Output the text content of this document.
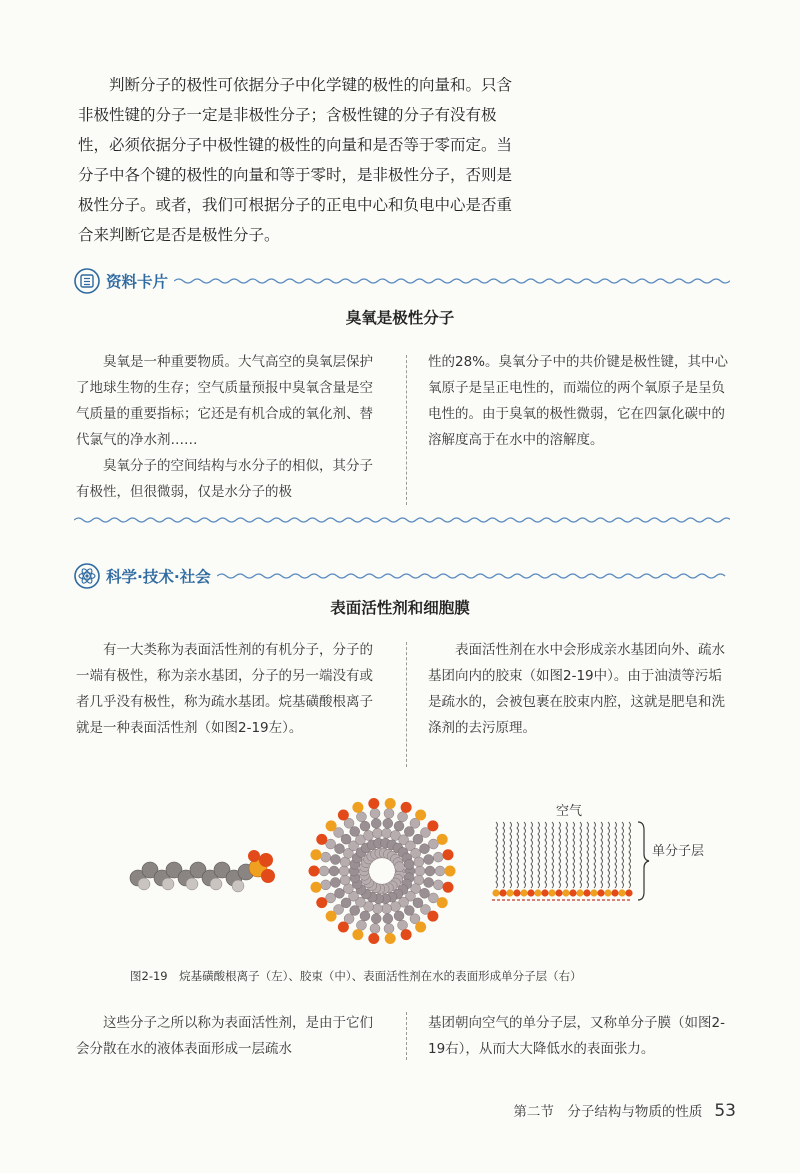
判断分子的极性可依据分子中化学键的极性的向量和。只含非极性键的分子一定是非极性分子；含极性键的分子有没有极性，必须依据分子中极性键的极性的向量和是否等于零而定。当分子中各个键的极性的向量和等于零时，是非极性分子，否则是极性分子。或者，我们可根据分子的正电中心和负电中心是否重合来判断它是否是极性分子。

资料卡片
臭氧是极性分子

臭氧是一种重要物质。大气高空的臭氧层保护了地球生物的生存；空气质量预报中臭氧含量是空气质量的重要指标；它还是有机合成的氧化剂、替代氯气的净水剂……

臭氧分子的空间结构与水分子的相似，其分子有极性，但很微弱，仅是水分子的极

性的28%。臭氧分子中的共价键是极性键，其中心氧原子是呈正电性的，而端位的两个氧原子是呈负电性的。由于臭氧的极性微弱，它在四氯化碳中的溶解度高于在水中的溶解度。

科学·技术·社会
表面活性剂和细胞膜

有一大类称为表面活性剂的有机分子，分子的一端有极性，称为亲水基团，分子的另一端没有或者几乎没有极性，称为疏水基团。烷基磺酸根离子就是一种表面活性剂（如图2-19左）。

表面活性剂在水中会形成亲水基团向外、疏水基团向内的胶束（如图2-19中）。由于油渍等污垢是疏水的，会被包裹在胶束内腔，这就是肥皂和洗涤剂的去污原理。

空气
单分子层
图2-19　烷基磺酸根离子（左）、胶束（中）、表面活性剂在水的表面形成单分子层（右）

这些分子之所以称为表面活性剂，是由于它们会分散在水的液体表面形成一层疏水

基团朝向空气的单分子层，又称单分子膜（如图2-19右），从而大大降低水的表面张力。

第二节　分子结构与物质的性质 53
